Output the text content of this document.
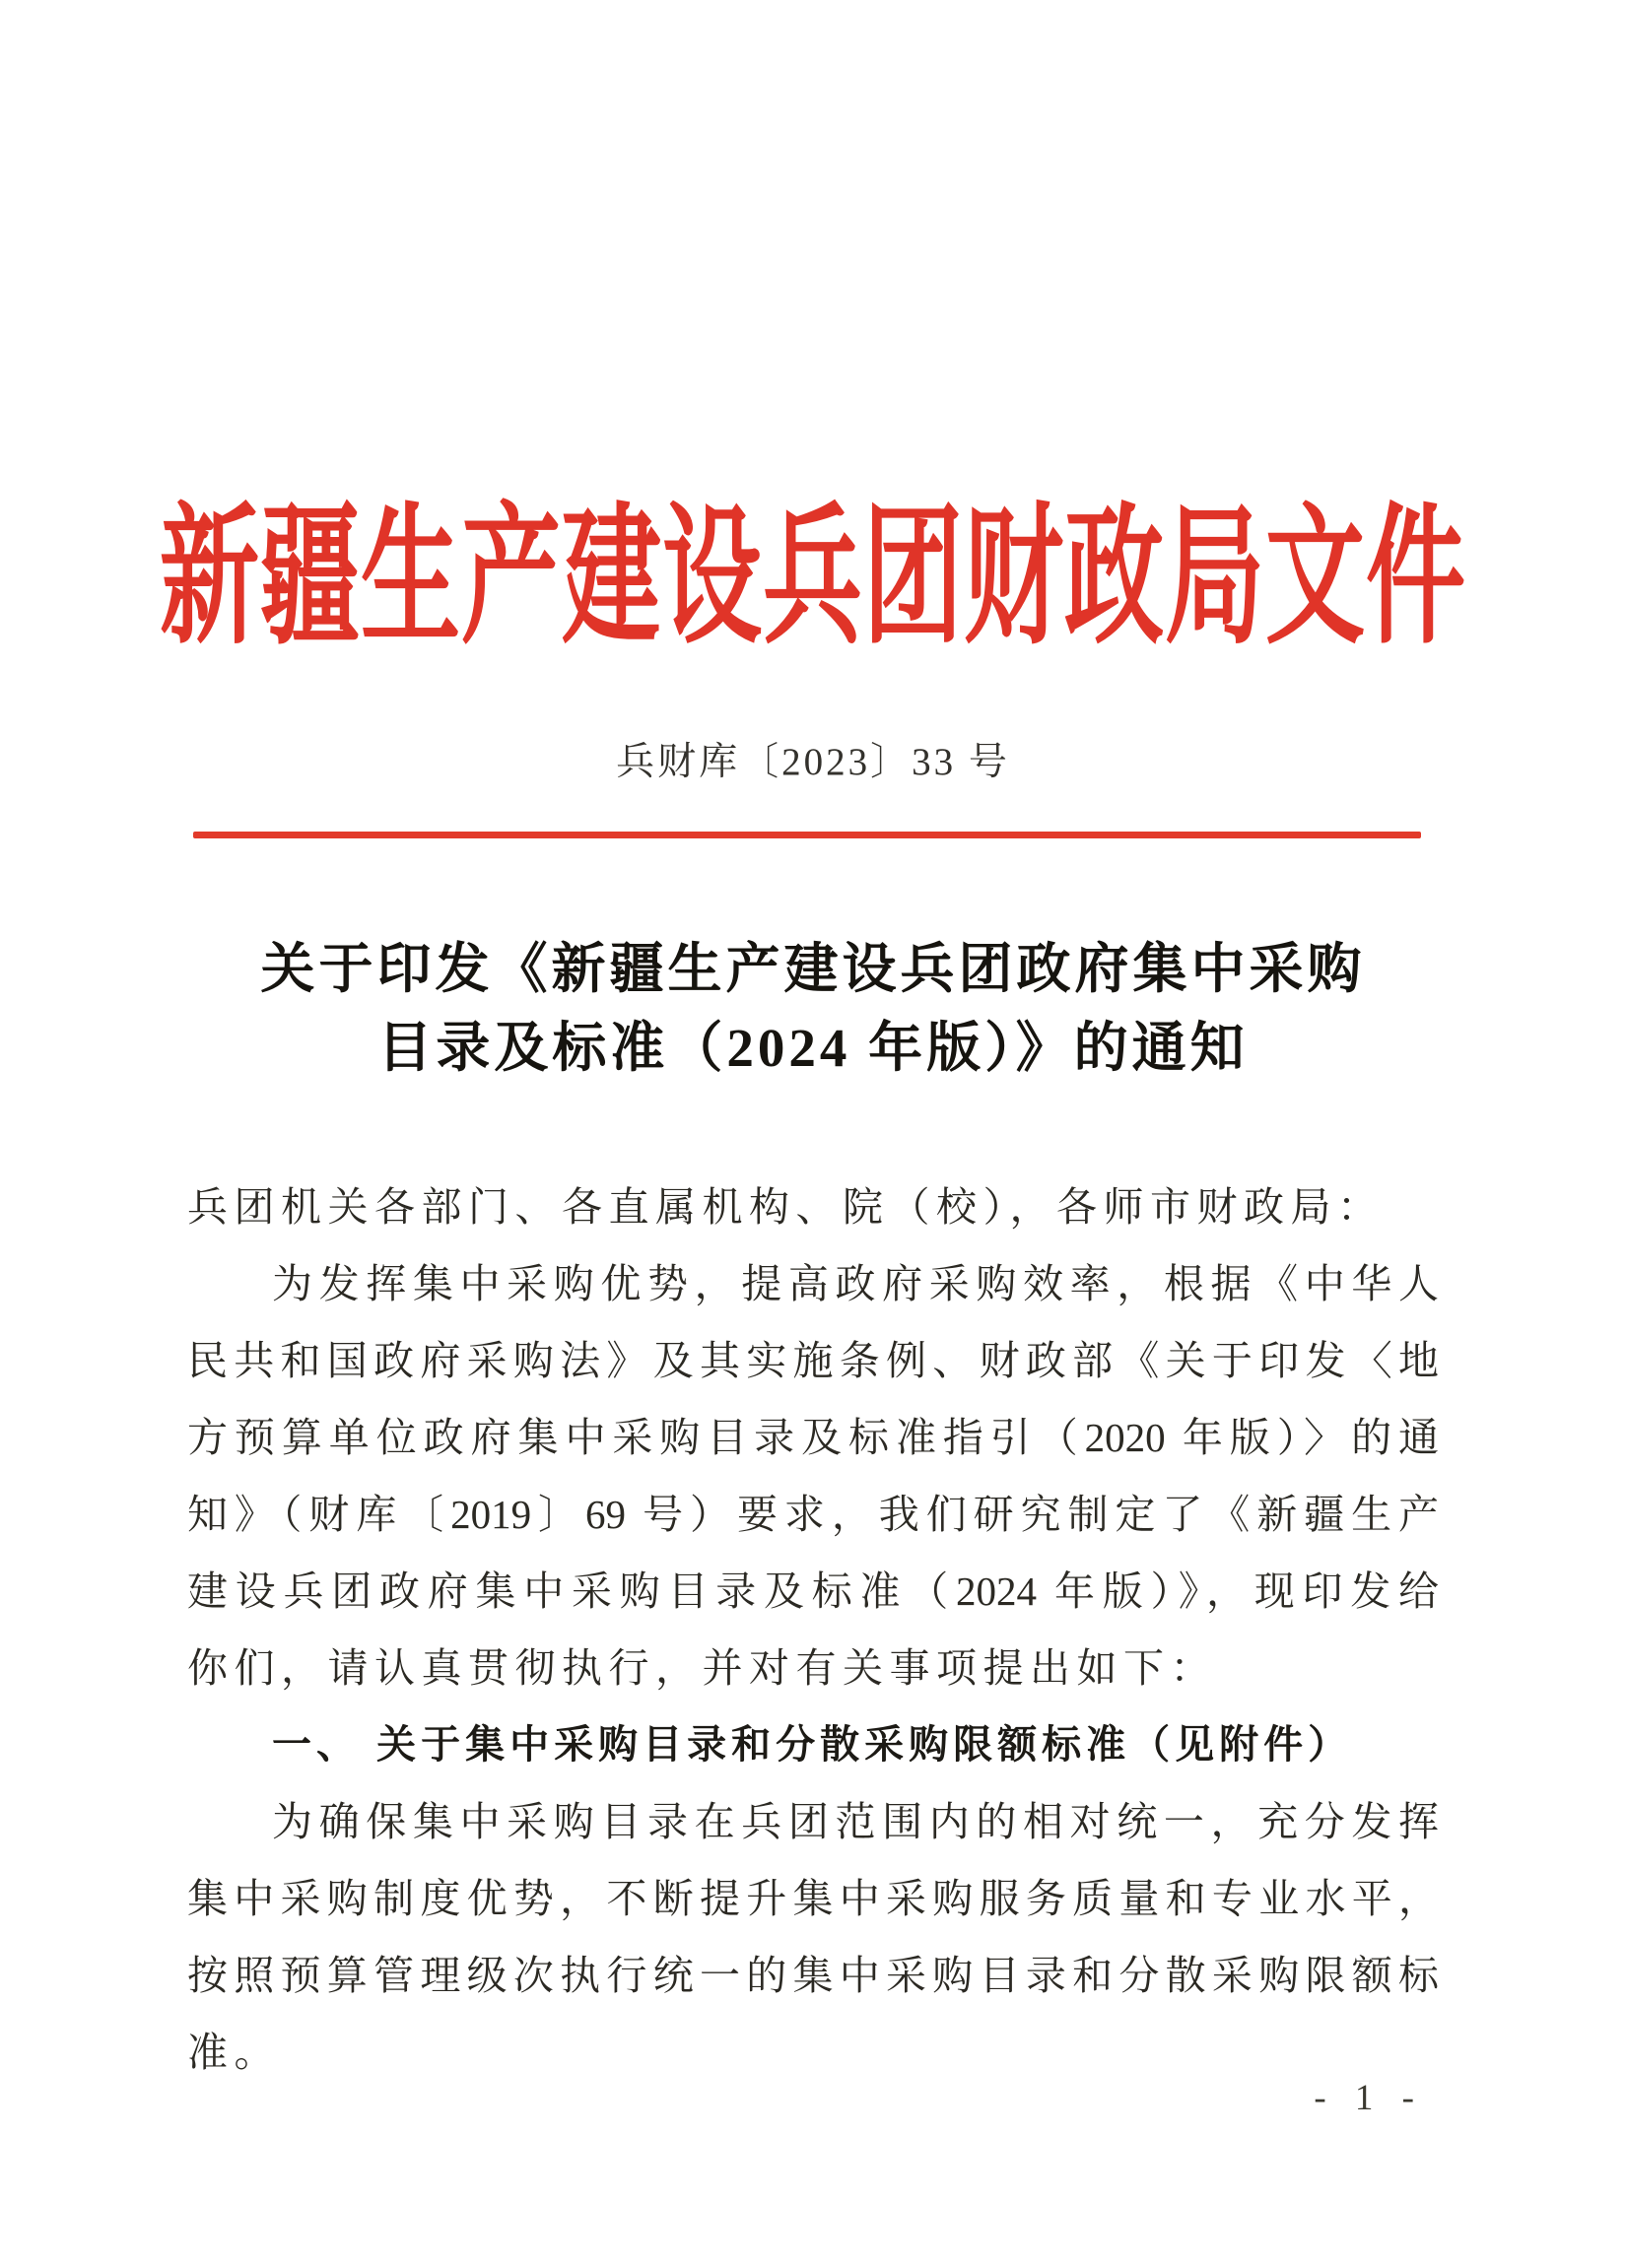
新疆生产建设兵团财政局文件
兵财库〔2023〕33 号
关于印发《新疆生产建设兵团政府集中采购
目录及标准（2024 年版）》的通知
兵团机关各部门、各直属机构、院（校），各师市财政局：
为发挥集中采购优势，提高政府采购效率，根据《中华人
民共和国政府采购法》及其实施条例、财政部《关于印发〈地
方预算单位政府集中采购目录及标准指引（2020 年版）〉的通
知》（财库〔2019〕69 号）要求，我们研究制定了《新疆生产
建设兵团政府集中采购目录及标准（2024 年版）》，现印发给
你们，请认真贯彻执行，并对有关事项提出如下：
一、 关于集中采购目录和分散采购限额标准（见附件）
为确保集中采购目录在兵团范围内的相对统一，充分发挥
集中采购制度优势，不断提升集中采购服务质量和专业水平，
按照预算管理级次执行统一的集中采购目录和分散采购限额标
准。
- 1 -
